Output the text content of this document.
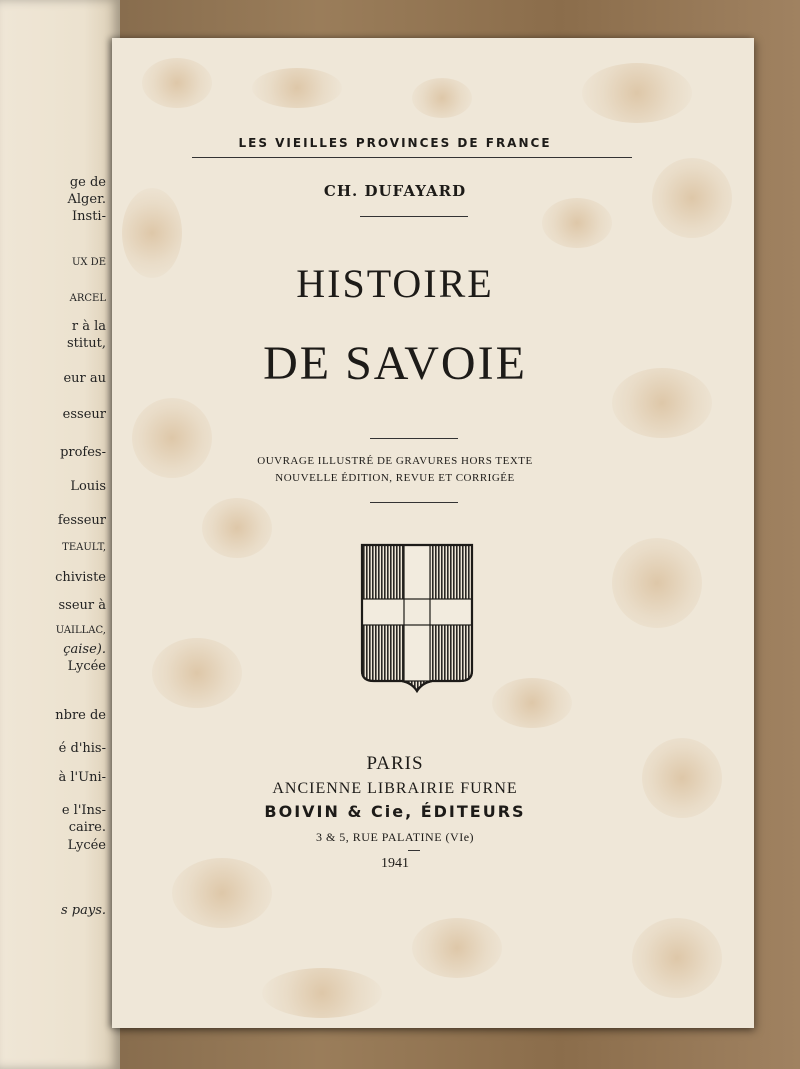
ge de
Alger.
Insti-
UX DE
ARCEL
r à la
stitut,
eur au
esseur
profes-
Louis
fesseur
TEAULT,
chiviste
sseur à
UAILLAC,
çaise).
Lycée
nbre de
é d'his-
à l'Uni-
e l'Ins-
caire.
Lycée
s pays.
LES VIEILLES PROVINCES DE FRANCE
CH. DUFAYARD
HISTOIRE
DE SAVOIE
OUVRAGE ILLUSTRÉ DE GRAVURES HORS TEXTE
NOUVELLE ÉDITION, REVUE ET CORRIGÉE
PARIS
ANCIENNE LIBRAIRIE FURNE
BOIVIN & Cie, ÉDITEURS
3 & 5, RUE PALATINE (VIe)
1941
